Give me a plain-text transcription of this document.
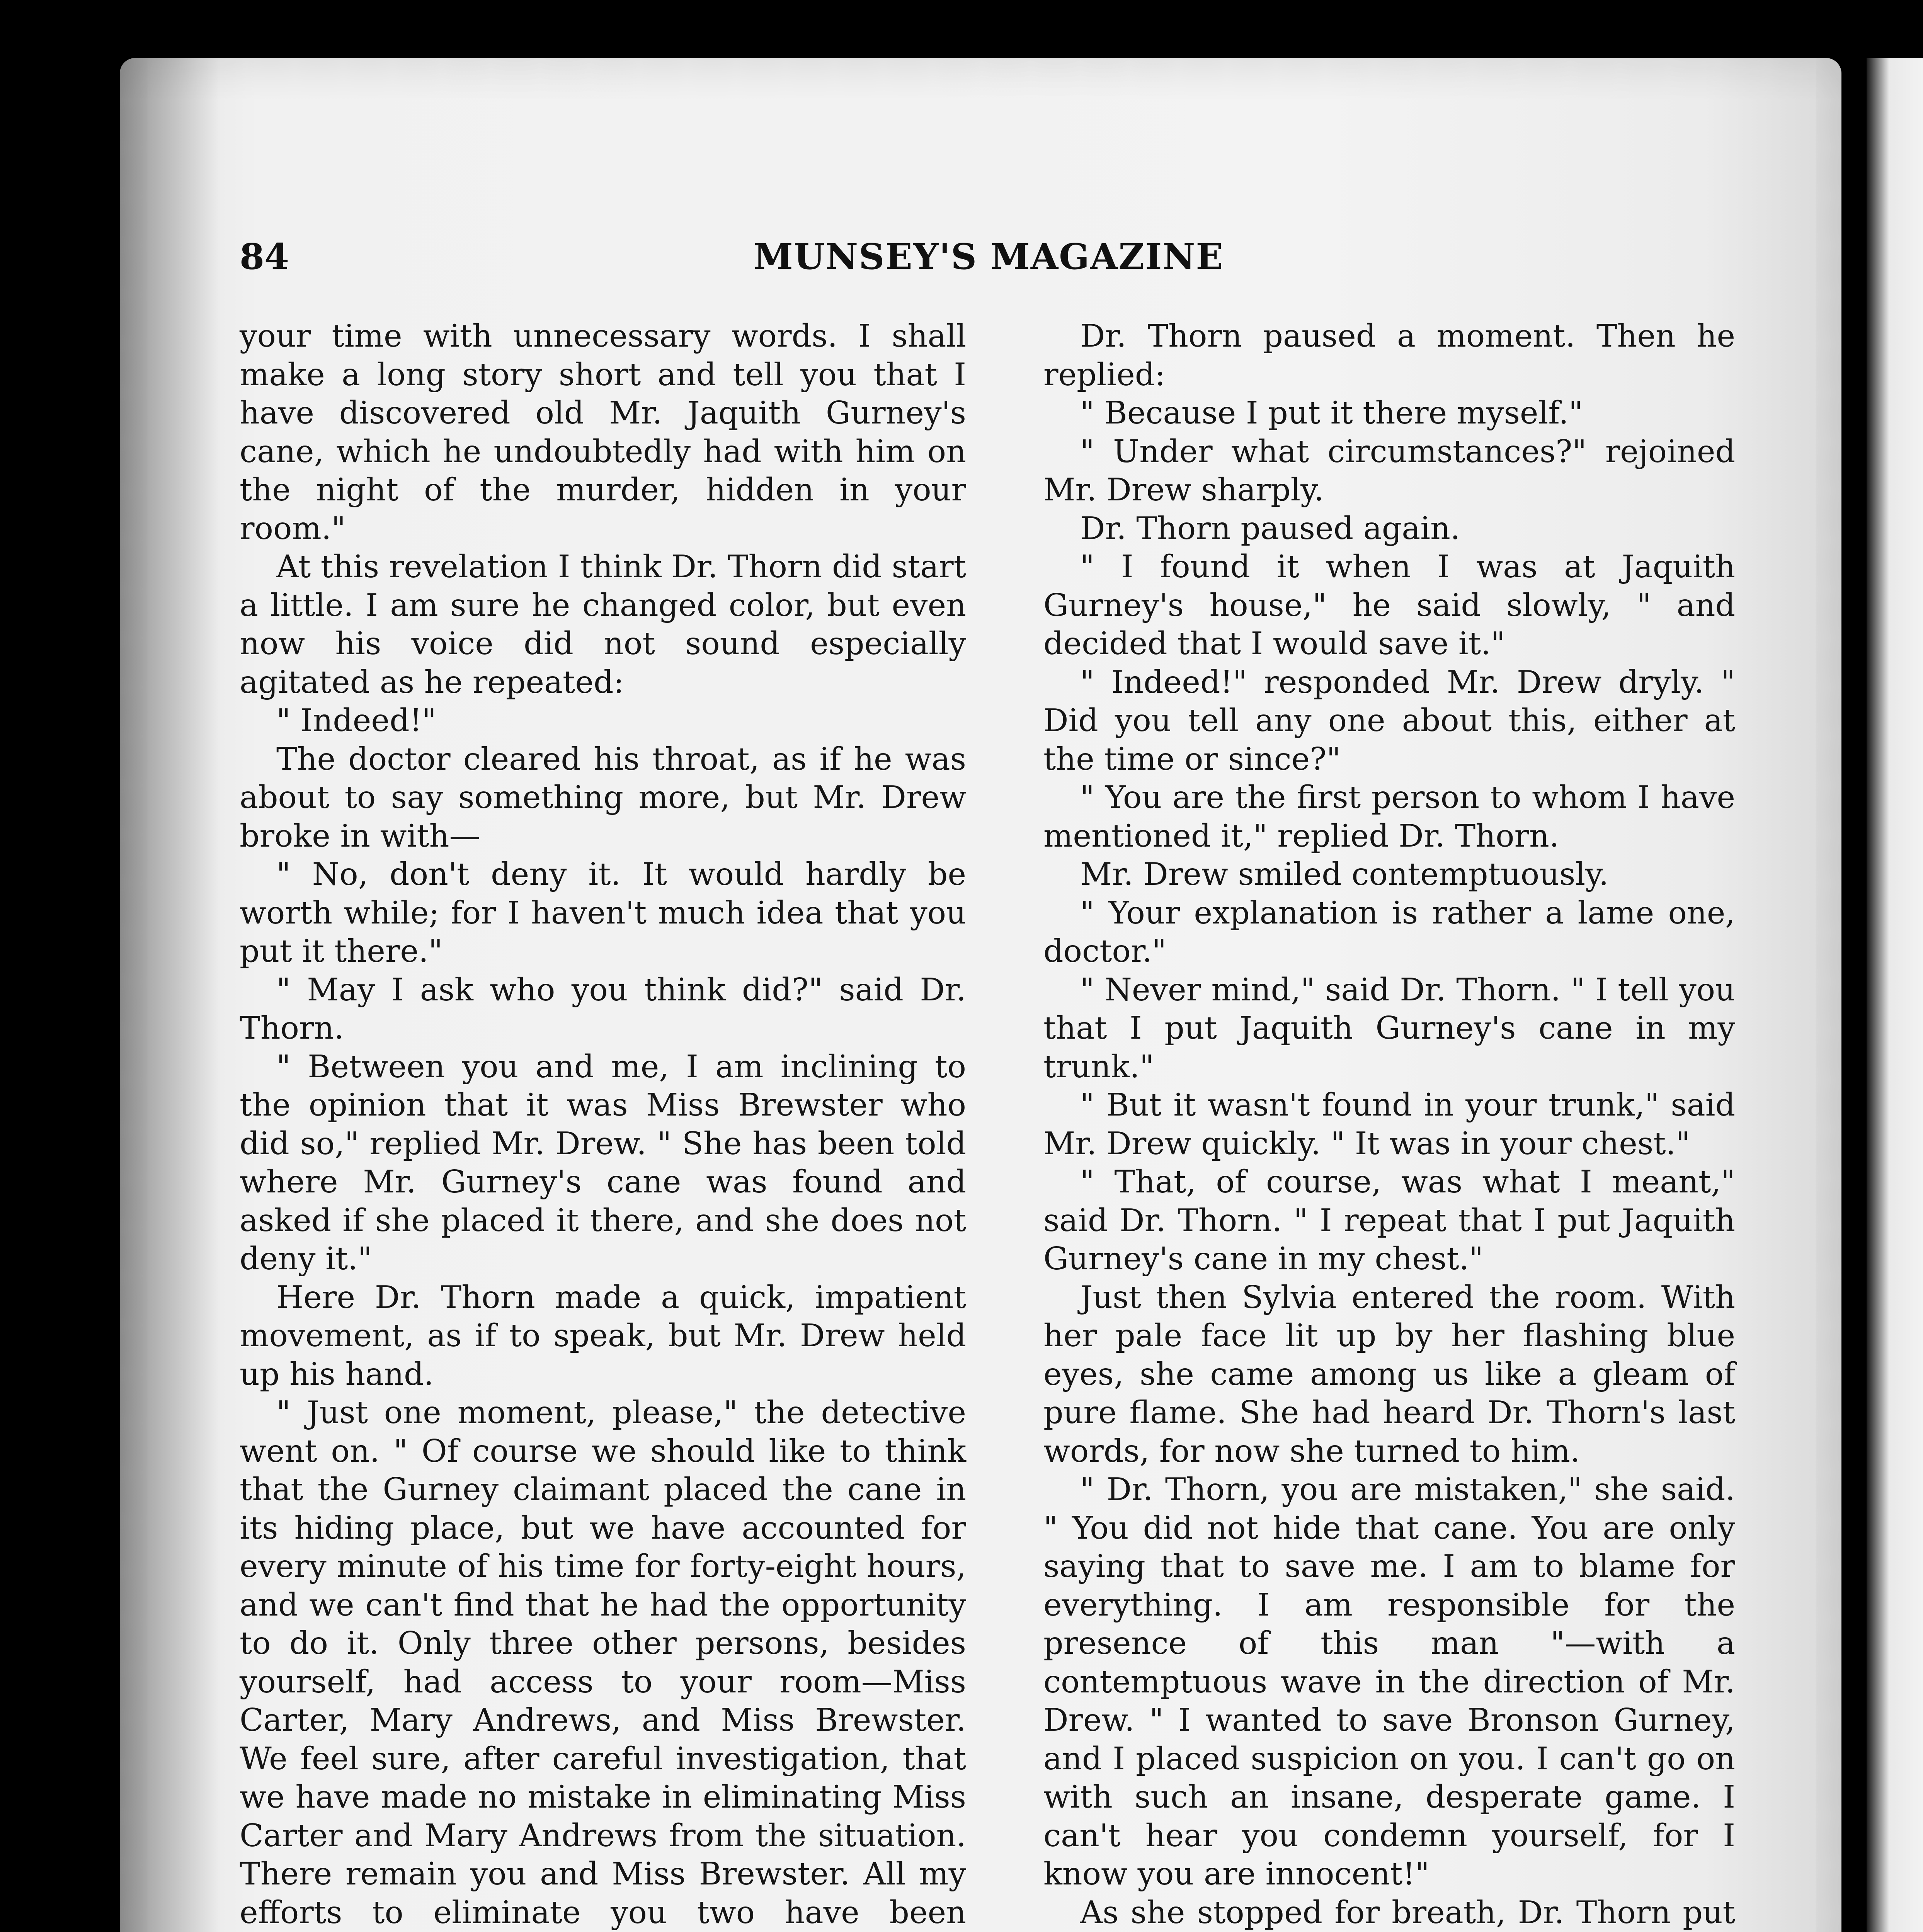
84	MUNSEY'S MAGAZINE

your time with unnecessary words. I shall make a long story short and tell you that I have discovered old Mr. Jaquith Gurney's cane, which he undoubtedly had with him on the night of the murder, hidden in your room."

At this revelation I think Dr. Thorn did start a little. I am sure he changed color, but even now his voice did not sound especially agitated as he repeated:

" Indeed!"

The doctor cleared his throat, as if he was about to say something more, but Mr. Drew broke in with—

" No, don't deny it. It would hardly be worth while; for I haven't much idea that you put it there."

" May I ask who you think did?" said Dr. Thorn.

" Between you and me, I am inclining to the opinion that it was Miss Brewster who did so," replied Mr. Drew. " She has been told where Mr. Gurney's cane was found and asked if she placed it there, and she does not deny it."

Here Dr. Thorn made a quick, impatient movement, as if to speak, but Mr. Drew held up his hand.

" Just one moment, please," the detective went on. " Of course we should like to think that the Gurney claimant placed the cane in its hiding place, but we have accounted for every minute of his time for forty-eight hours, and we can't find that he had the opportunity to do it. Only three other persons, besides yourself, had access to your room—Miss Carter, Mary Andrews, and Miss Brewster. We feel sure, after careful investigation, that we have made no mistake in eliminating Miss Carter and Mary Andrews from the situation. There remain you and Miss Brewster. All my efforts to eliminate you two have been

Dr. Thorn paused a moment. Then he replied:

" Because I put it there myself."

" Under what circumstances?" rejoined Mr. Drew sharply.

Dr. Thorn paused again.

" I found it when I was at Jaquith Gurney's house," he said slowly, " and decided that I would save it."

" Indeed!" responded Mr. Drew dryly. " Did you tell any one about this, either at the time or since?"

" You are the first person to whom I have mentioned it," replied Dr. Thorn.

Mr. Drew smiled contemptuously.

" Your explanation is rather a lame one, doctor."

" Never mind," said Dr. Thorn. " I tell you that I put Jaquith Gurney's cane in my trunk."

" But it wasn't found in your trunk," said Mr. Drew quickly. " It was in your chest."

" That, of course, was what I meant," said Dr. Thorn. " I repeat that I put Jaquith Gurney's cane in my chest."

Just then Sylvia entered the room. With her pale face lit up by her flashing blue eyes, she came among us like a gleam of pure flame. She had heard Dr. Thorn's last words, for now she turned to him.

" Dr. Thorn, you are mistaken," she said. " You did not hide that cane. You are only saying that to save me. I am to blame for everything. I am responsible for the presence of this man "—with a contemptuous wave in the direction of Mr. Drew. " I wanted to save Bronson Gurney, and I placed suspicion on you. I can't go on with such an insane, desperate game. I can't hear you condemn yourself, for I know you are innocent!"

As she stopped for breath, Dr. Thorn put
